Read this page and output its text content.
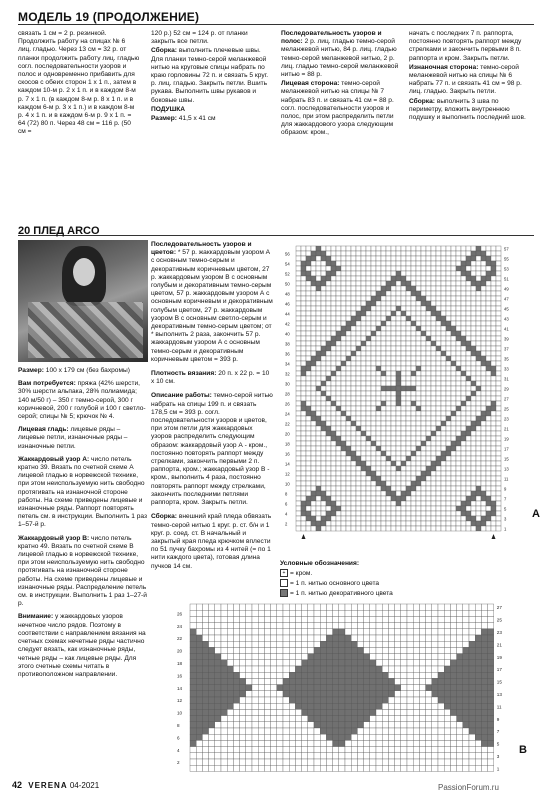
МОДЕЛЬ 19 (ПРОДОЛЖЕНИЕ)

связать 1 см = 2 р. резинкой. Продолжить работу на спицах № 6 лиц. гладью. Через 13 см = 32 р. от планки продолжить работу лиц. гладью согл. последовательности узоров и полос и одновременно прибавить для скосов с обеих сторон 1 х 1 п., затем в каждом 10-м р. 2 х 1 п. и в каждом 8-м р. 7 х 1 п. (в каждом 8-м р. 8 х 1 п. и в каждом 6-м р. 3 х 1 п.) и в каждом 8-м р. 4 х 1 п. и в каждом 6-м р. 9 х 1 п. = 64 (72) 80 п. Через 48 см = 116 р. (50 см =

120 р.) 52 см = 124 р. от планки закрыть все петли.

Сборка: выполнить плечевые швы. Для планки темно-серой меланжевой нитью на круговые спицы набрать по краю горловины 72 п. и связать 5 круг. р. лиц. гладью. Закрыть петли. Вшить рукава. Выполнить швы рукавов и боковые швы.

ПОДУШКА

Размер: 41,5 х 41 см

Последовательность узоров и полос: 2 р. лиц. гладью темно-серой меланжевой нитью, 84 р. лиц. гладью темно-серой меланжевой нитью, 2 р. лиц. гладью темно-серой меланжевой нитью = 88 р.

Лицевая сторона: темно-серой меланжевой нитью на спицы № 7 набрать 83 п. и связать 41 см = 88 р. согл. последовательности узоров и полос, при этом распределить петли для жаккардового узора следующим образом: кром.,

начать с последних 7 п. раппорта, постоянно повторять раппорт между стрелками и закончить первыми 8 п. раппорта и кром. Закрыть петли.

Изнаночная сторона: темно-серой меланжевой нитью на спицы № 6 набрать 77 п. и связать 41 см = 98 р. лиц. гладью. Закрыть петли.

Сборка: выполнить 3 шва по периметру, вложить внутреннюю подушку и выполнить последний шов.

20 ПЛЕД ARCO

Размер: 100 х 179 см (без бахромы)

Вам потребуется: пряжа (42% шерсти, 30% шерсти альпака, 28% полиамида; 140 м/50 г) – 350 г темно-серой, 300 г коричневой, 200 г голубой и 100 г светло-серой; спицы № 5; крючок № 4.

Лицевая гладь: лицевые ряды – лицевые петли, изнаночные ряды – изнаночные петли.

Жаккардовый узор А: число петель кратно 39. Вязать по счетной схеме А лицевой гладью в норвежской технике, при этом неиспользуемую нить свободно протягивать на изнаночной стороне работы. На схеме приведены лицевые и изнаночные ряды. Раппорт повторять петель см. в инструкции. Выполнить 1 раз 1–57-й р.

Жаккардовый узор В: число петель кратно 49. Вязать по счетной схеме В лицевой гладью в норвежской технике, при этом неиспользуемую нить свободно протягивать на изнаночной стороне работы. На схеме приведены лицевые и изнаночные ряды. Распределение петель см. в инструкции. Выполнить 1 раз 1–27-й р.

Внимание: у жаккардовых узоров нечетное число рядов. Поэтому в соответствии с направлением вязания на счетных схемах нечетные ряды частично следует вязать, как изнаночные ряды, четные ряды – как лицевые ряды. Для этого счетные схемы читать в противоположном направлении.

Последовательность узоров и цветов: * 57 р. жаккардовым узором А с основным темно-серым и декоративным коричневым цветом, 27 р. жаккардовым узором В с основным голубым и декоративным темно-серым цветом, 57 р. жаккардовым узором А с основным коричневым и декоративным голубым цветом, 27 р. жаккардовым узором В с основным светло-серым и декоративным темно-серым цветом; от * выполнить 2 раза, закончить 57 р. жаккардовым узором А с основным темно-серым и декоративным коричневым цветом = 393 р.

Плотность вязания: 20 п. х 22 р. = 10 х 10 см.

Описание работы: темно-серой нитью набрать на спицы 199 п. и связать 178,5 см = 393 р. согл. последовательности узоров и цветов, при этом петли для жаккардовых узоров распределить следующим образом: жаккардовый узор А - кром., постоянно повторять раппорт между стрелками, закончить первыми 2 п. раппорта, кром.; жаккардовый узор В - кром., выполнить 4 раза, постоянно повторять раппорт между стрелками, закончить последними петлями раппорта, кром. Закрыть петли.

Сборка: внешний край пледа обвязать темно-серой нитью 1 круг. р. ст. б/н и 1 круг. р. соед. ст. В начальный и закрытый края пледа крючком вплести по 51 пучку бахромы из 4 нитей (= по 1 нити каждого цвета), готовая длина пучков 14 см.

57
56
55
54
53
52
51
50
49
48
47
46
45
44
43
42
41
40
39
38
37
36
35
34
33
32
31
30
29
28
27
26
25
24
23
22
21
20
19
18
17
16
15
14
13
12
11
10
9
8
7
6
5
4
3
2
1
A

Условные обозначения:

+ = кром.

= 1 п. нитью основного цвета

= 1 п. нитью декоративного цвета

27
26
25
24
23
22
21
20
19
18
17
16
15
14
13
12
11
10
9
8
7
6
5
4
3
2
1
B
42 VERENA 04-2021	PassionForum.ru
